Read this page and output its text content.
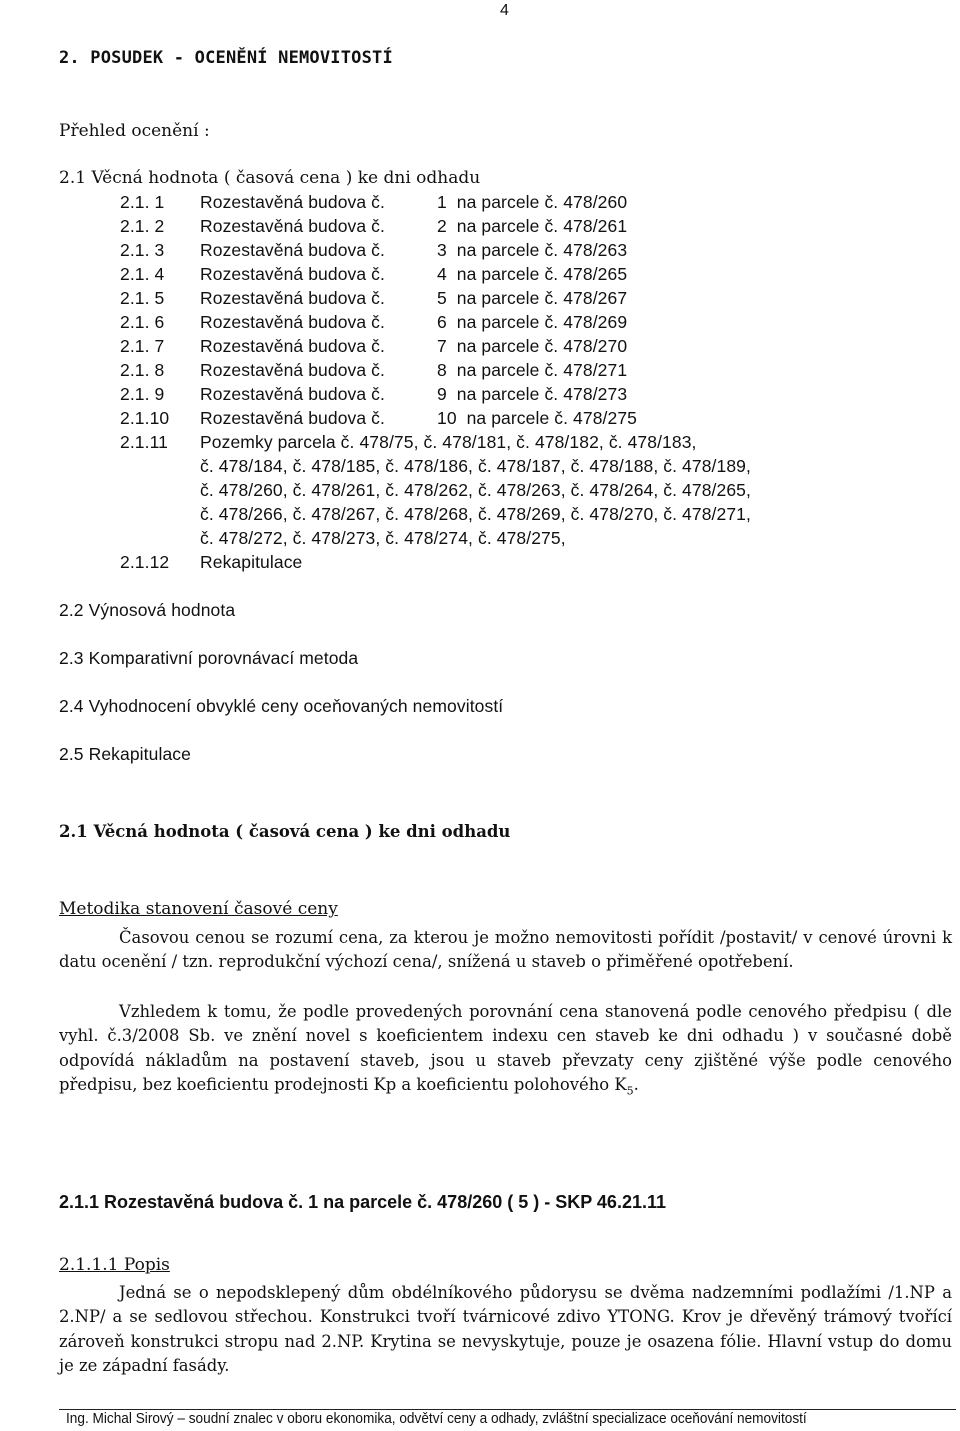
4
2. POSUDEK - OCENĚNÍ NEMOVITOSTÍ
Přehled ocenění :
2.1 Věcná hodnota ( časová cena ) ke dni odhadu
2.1. 1 Rozestavěná budova č.	1  na parcele č. 478/260
2.1. 2 Rozestavěná budova č.	2  na parcele č. 478/261
2.1. 3 Rozestavěná budova č.	3  na parcele č. 478/263
2.1. 4 Rozestavěná budova č.	4  na parcele č. 478/265
2.1. 5 Rozestavěná budova č.	5  na parcele č. 478/267
2.1. 6 Rozestavěná budova č.	6  na parcele č. 478/269
2.1. 7 Rozestavěná budova č.	7  na parcele č. 478/270
2.1. 8 Rozestavěná budova č.	8  na parcele č. 478/271
2.1. 9 Rozestavěná budova č.	9  na parcele č. 478/273
2.1.10 Rozestavěná budova č.	10  na parcele č. 478/275
2.1.11 Pozemky parcela č. 478/75, č. 478/181, č. 478/182, č. 478/183,
č. 478/184, č. 478/185, č. 478/186, č. 478/187, č. 478/188, č. 478/189,
č. 478/260, č. 478/261, č. 478/262, č. 478/263, č. 478/264, č. 478/265,
č. 478/266, č. 478/267, č. 478/268, č. 478/269, č. 478/270, č. 478/271,
č. 478/272, č. 478/273, č. 478/274, č. 478/275,
2.1.12 Rekapitulace
2.2 Výnosová hodnota
2.3 Komparativní porovnávací metoda
2.4 Vyhodnocení obvyklé ceny oceňovaných nemovitostí
2.5 Rekapitulace
2.1 Věcná hodnota ( časová cena ) ke dni odhadu
Metodika stanovení časové ceny
Časovou cenou se rozumí cena, za kterou je možno nemovitosti pořídit /postavit/ v cenové úrovni k datu ocenění / tzn. reprodukční výchozí cena/, snížená u staveb o přiměřené opotřebení.
Vzhledem k tomu, že podle provedených porovnání cena stanovená podle cenového předpisu ( dle vyhl. č.3/2008 Sb. ve znění novel s koeficientem indexu cen staveb ke dni odhadu ) v současné době odpovídá nákladům na postavení staveb, jsou u staveb převzaty ceny zjištěné výše podle cenového předpisu, bez koeficientu prodejnosti Kp a koeficientu polohového $K_5$.
2.1.1 Rozestavěná budova č. 1 na parcele č. 478/260 ( 5 ) - SKP 46.21.11
2.1.1.1 Popis
Jedná se o nepodsklepený dům obdélníkového půdorysu se dvěma nadzemními podlažími /1.NP a 2.NP/ a se sedlovou střechou. Konstrukci tvoří tvárnicové zdivo YTONG. Krov je dřevěný trámový tvořící zároveň konstrukci stropu nad 2.NP. Krytina se nevyskytuje, pouze je osazena fólie. Hlavní vstup do domu je ze západní fasády.
Ing. Michal Sirový – soudní znalec v oboru ekonomika, odvětví ceny a odhady, zvláštní specializace oceňování nemovitostí
